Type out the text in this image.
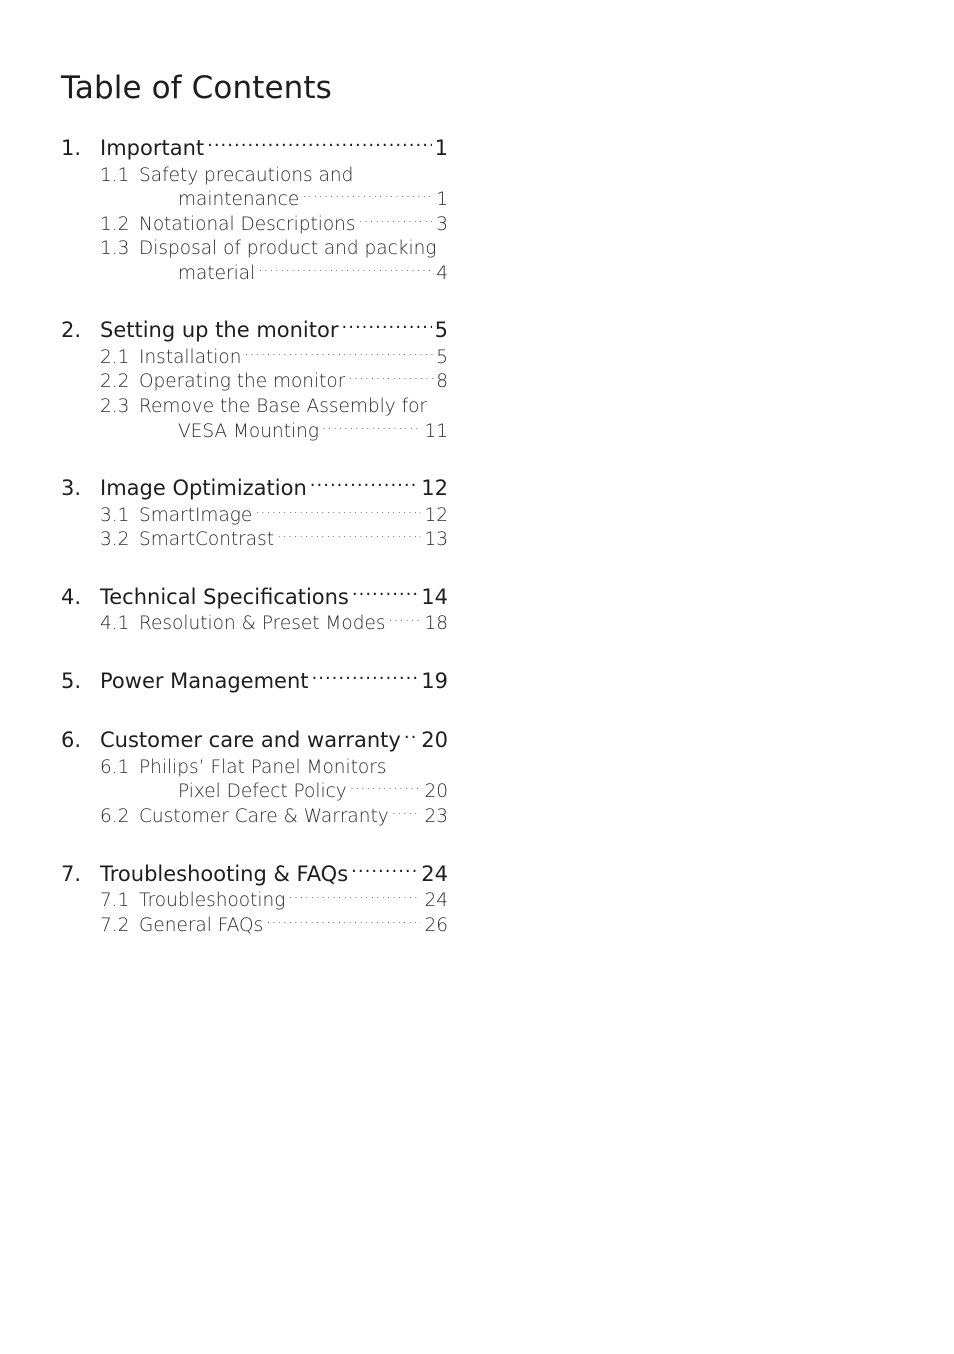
Table of Contents
1. Important .....	1
1.1 Safety precautions and
maintenance .....	1
1.2 Notational Descriptions .....	3
1.3 Disposal of product and packing
material .....	4
2. Setting up the monitor .....	5
2.1 Installation .....	5
2.2 Operating the monitor .....	8
2.3 Remove the Base Assembly for
VESA Mounting .....	11
3. Image Optimization .....	12
3.1 SmartImage .....	12
3.2 SmartContrast .....	13
4. Technical Specifications .....	14
4.1 Resolution & Preset Modes ..... 18
5. Power Management .....	19
6. Customer care and warranty ..... 20
6.1 Philips’ Flat Panel Monitors
Pixel Defect Policy .....	20
6.2 Customer Care & Warranty ..... 23
7. Troubleshooting & FAQs .....	24
7.1 Troubleshooting .....	24
7.2 General FAQs .....	26
